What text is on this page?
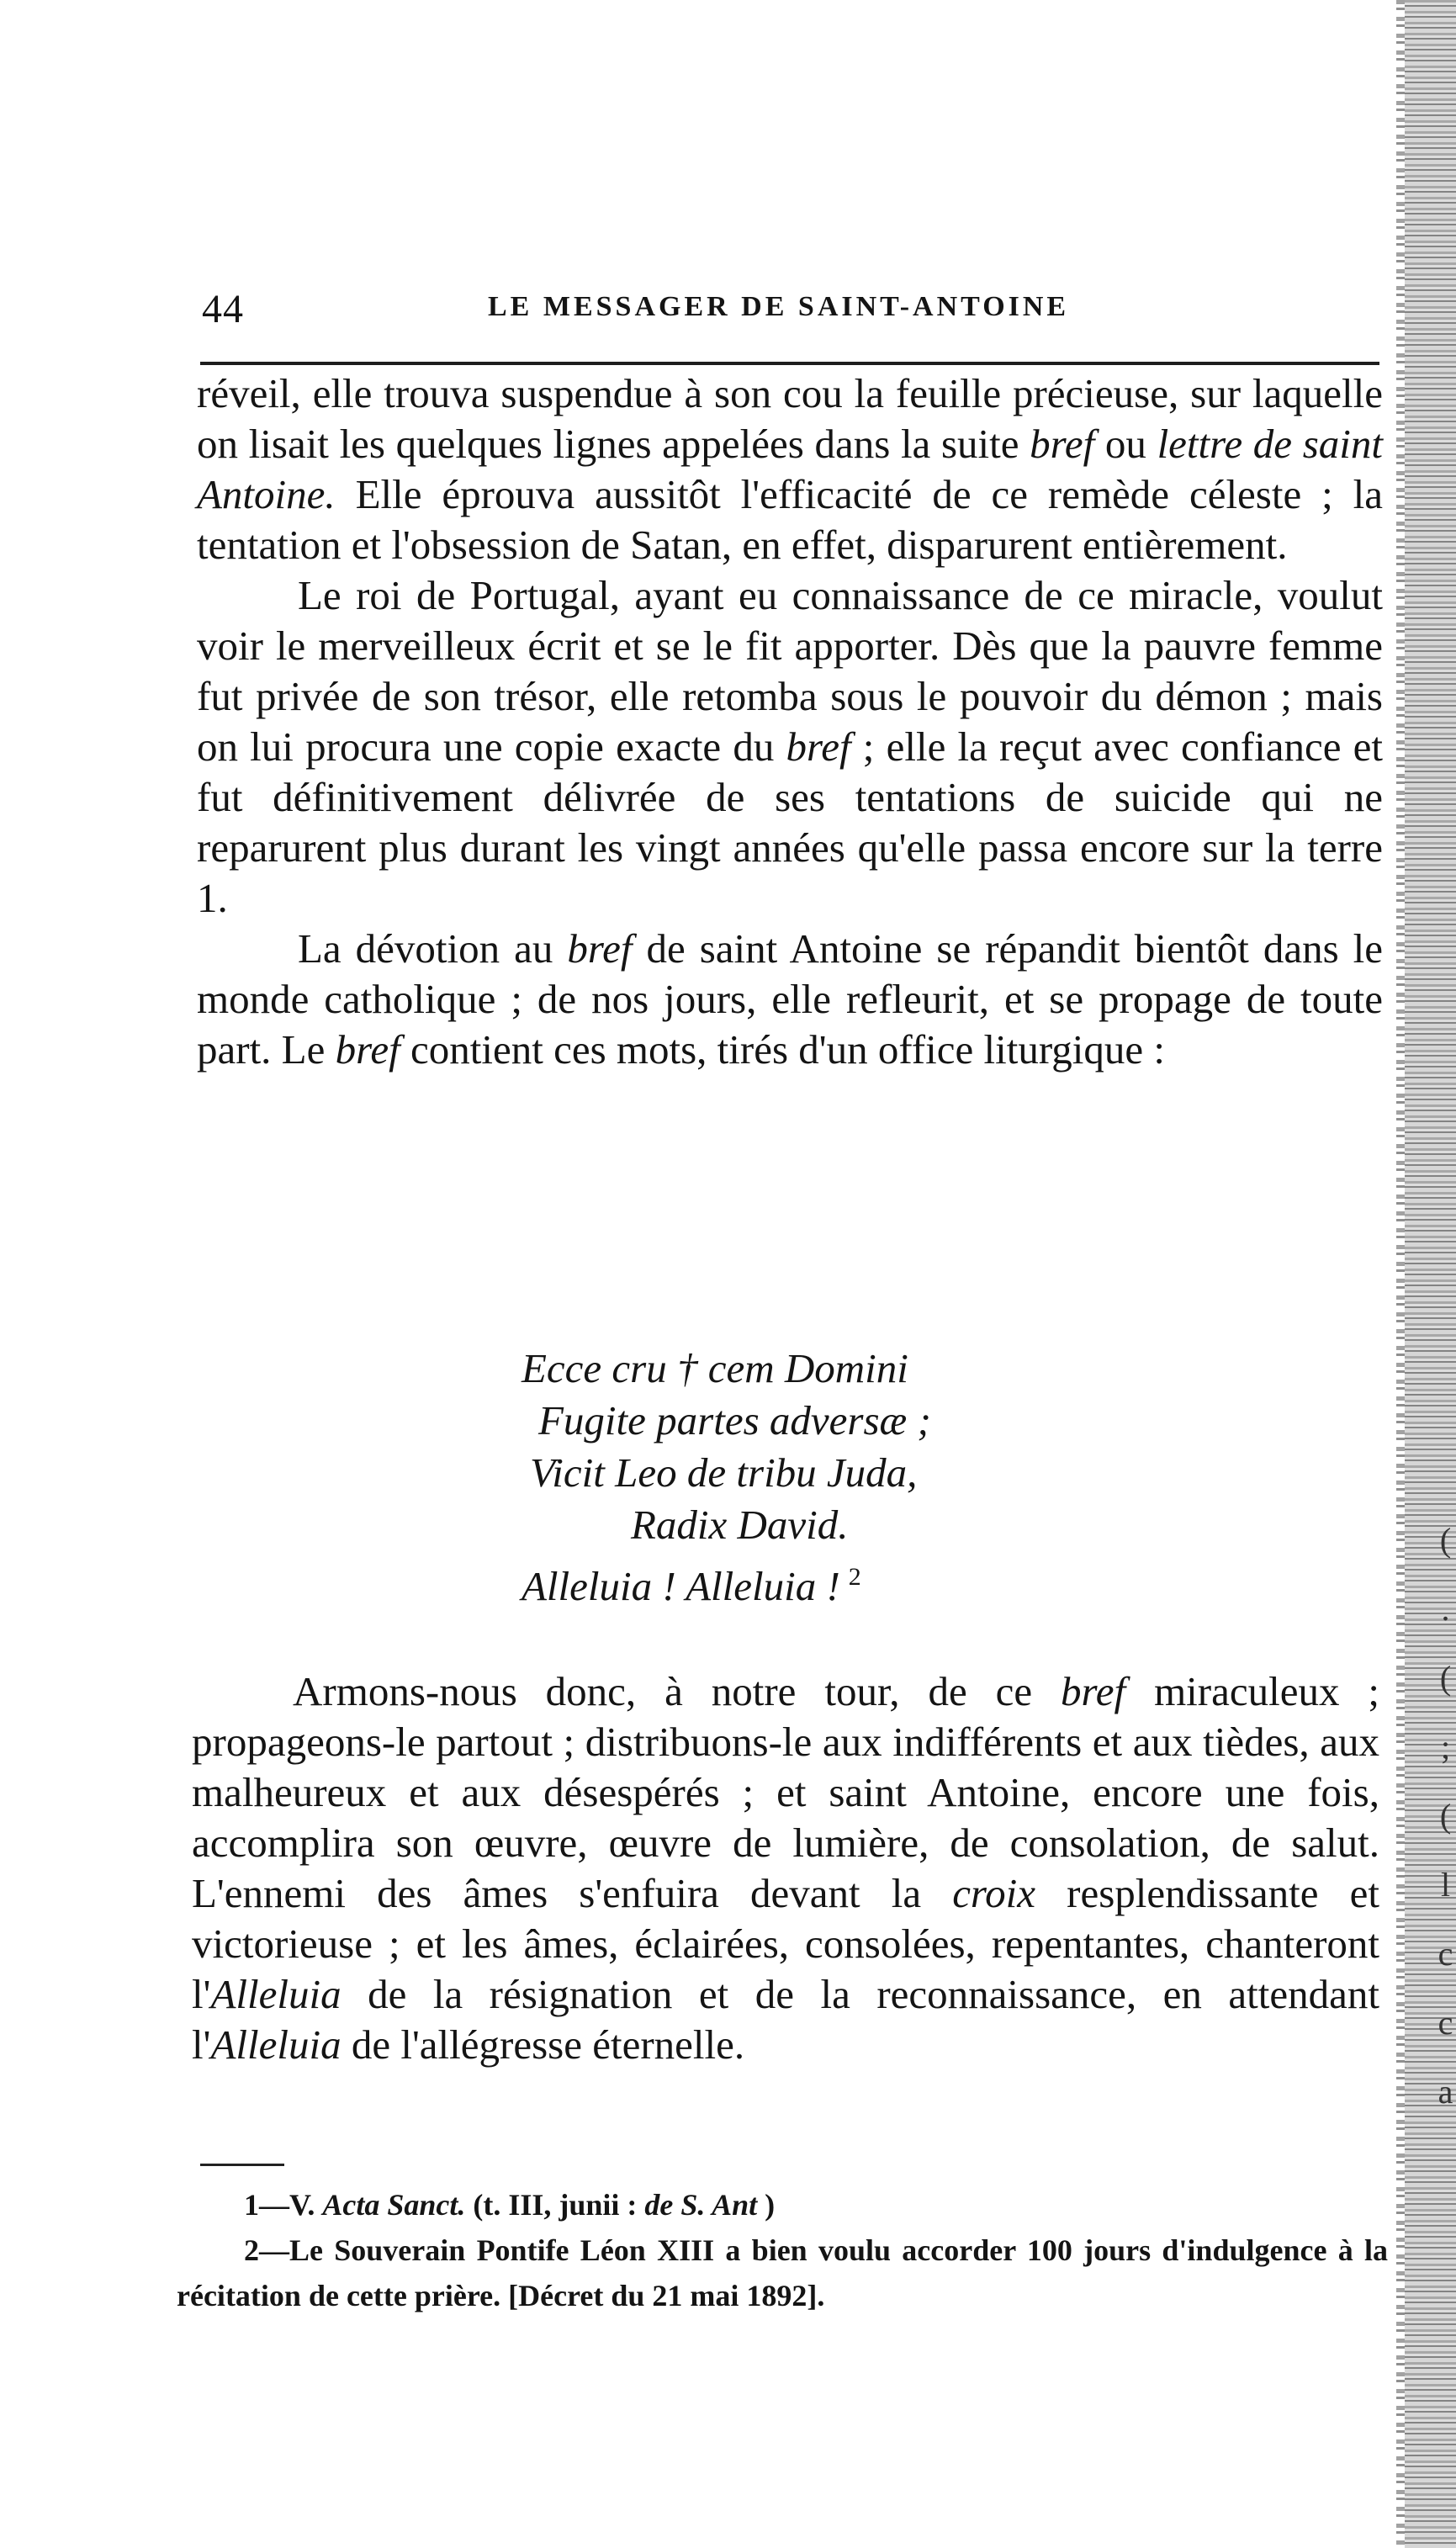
(
.
(
;
(
l
c
c
a
44	LE MESSAGER DE SAINT-ANTOINE

réveil, elle trouva suspendue à son cou la feuille précieuse, sur laquelle on lisait les quelques lignes appelées dans la suite bref ou lettre de saint Antoine. Elle éprouva aussitôt l'efficacité de ce remède céleste ; la tentation et l'obsession de Satan, en effet, disparurent entièrement.

Le roi de Portugal, ayant eu connaissance de ce miracle, voulut voir le merveilleux écrit et se le fit apporter. Dès que la pauvre femme fut privée de son trésor, elle retomba sous le pouvoir du démon ; mais on lui procura une copie exacte du bref ; elle la reçut avec confiance et fut définitivement délivrée de ses tentations de suicide qui ne reparurent plus durant les vingt années qu'elle passa encore sur la terre 1.

La dévotion au bref de saint Antoine se répandit bientôt dans le monde catholique ; de nos jours, elle refleurit, et se propage de toute part. Le bref contient ces mots, tirés d'un office liturgique :

Ecce cru † cem Domini
Fugite partes adversæ ;
Vicit Leo de tribu Juda,
Radix David.
Alleluia ! Alleluia ! $^2$

Armons-nous donc, à notre tour, de ce bref miraculeux ; propageons-le partout ; distribuons-le aux indifférents et aux tièdes, aux malheureux et aux désespérés ; et saint Antoine, encore une fois, accomplira son œuvre, œuvre de lumière, de consolation, de salut. L'ennemi des âmes s'enfuira devant la croix resplendissante et victorieuse ; et les âmes, éclairées, consolées, repentantes, chanteront l'Alleluia de la résignation et de la reconnaissance, en attendant l'Alleluia de l'allégresse éternelle.

1—V. Acta Sanct. (t. III, junii : de S. Ant )

2—Le Souverain Pontife Léon XIII a bien voulu accorder 100 jours d'indulgence à la récitation de cette prière. [Décret du 21 mai 1892].
